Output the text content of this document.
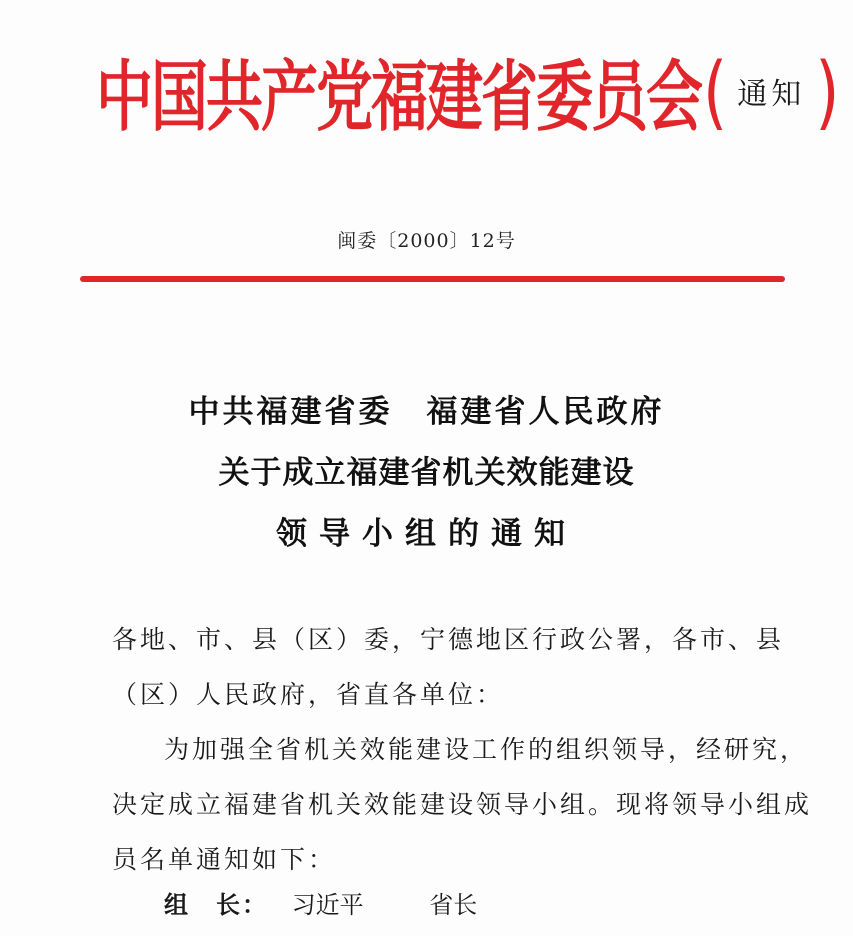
中国共产党福建省委员会 ( 通知 )
闽委〔2000〕12号
中共福建省委　福建省人民政府
关于成立福建省机关效能建设
领导小组的通知
各地、市、县（区）委，宁德地区行政公署，各市、县
（区）人民政府，省直各单位：
为加强全省机关效能建设工作的组织领导，经研究，
决定成立福建省机关效能建设领导小组。现将领导小组成
员名单通知如下：
组　长： 习近平	省长
